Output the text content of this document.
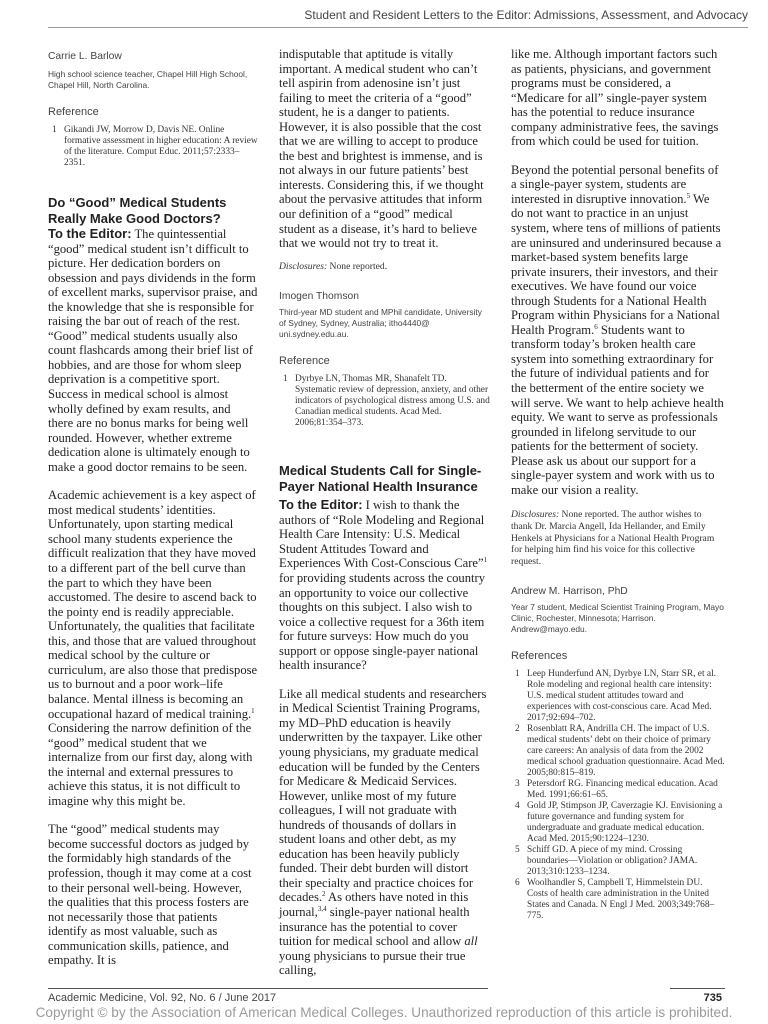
Student and Resident Letters to the Editor: Admissions, Assessment, and Advocacy
Carrie L. Barlow
High school science teacher, Chapel Hill High School, Chapel Hill, North Carolina.
Reference
1 Gikandi JW, Morrow D, Davis NE. Online formative assessment in higher education: A review of the literature. Comput Educ. 2011;57:2333–2351.
Do “Good” Medical Students Really Make Good Doctors?

To the Editor: The quintessential “good” medical student isn’t difficult to picture. Her dedication borders on obsession and pays dividends in the form of excellent marks, supervisor praise, and the knowledge that she is responsible for raising the bar out of reach of the rest. “Good” medical students usually also count flashcards among their brief list of hobbies, and are those for whom sleep deprivation is a competitive sport. Success in medical school is almost wholly defined by exam results, and there are no bonus marks for being well rounded. However, whether extreme dedication alone is ultimately enough to make a good doctor remains to be seen.

Academic achievement is a key aspect of most medical students’ identities. Unfortunately, upon starting medical school many students experience the difficult realization that they have moved to a different part of the bell curve than the part to which they have been accustomed. The desire to ascend back to the pointy end is readily appreciable. Unfortunately, the qualities that facilitate this, and those that are valued throughout medical school by the culture or curriculum, are also those that predispose us to burnout and a poor work–life balance. Mental illness is becoming an occupational hazard of medical training.$^1$ Considering the narrow definition of the “good” medical student that we internalize from our first day, along with the internal and external pressures to achieve this status, it is not difficult to imagine why this might be.

The “good” medical students may become successful doctors as judged by the formidably high standards of the profession, though it may come at a cost to their personal well-being. However, the qualities that this process fosters are not necessarily those that patients identify as most valuable, such as communication skills, patience, and empathy. It is

indisputable that aptitude is vitally important. A medical student who can’t tell aspirin from adenosine isn’t just failing to meet the criteria of a “good” student, he is a danger to patients. However, it is also possible that the cost that we are willing to accept to produce the best and brightest is immense, and is not always in our future patients’ best interests. Considering this, if we thought about the pervasive attitudes that inform our definition of a “good” medical student as a disease, it’s hard to believe that we would not try to treat it.

Disclosures: None reported.

Imogen Thomson
Third-year MD student and MPhil candidate, University of Sydney, Sydney, Australia; itho4440@ uni.sydney.edu.au.
Reference
1 Dyrbye LN, Thomas MR, Shanafelt TD. Systematic review of depression, anxiety, and other indicators of psychological distress among U.S. and Canadian medical students. Acad Med. 2006;81:354–373.
Medical Students Call for Single-Payer National Health Insurance

To the Editor: I wish to thank the authors of “Role Modeling and Regional Health Care Intensity: U.S. Medical Student Attitudes Toward and Experiences With Cost-Conscious Care”$^1$ for providing students across the country an opportunity to voice our collective thoughts on this subject. I also wish to voice a collective request for a 36th item for future surveys: How much do you support or oppose single-payer national health insurance?

Like all medical students and researchers in Medical Scientist Training Programs, my MD–PhD education is heavily underwritten by the taxpayer. Like other young physicians, my graduate medical education will be funded by the Centers for Medicare & Medicaid Services. However, unlike most of my future colleagues, I will not graduate with hundreds of thousands of dollars in student loans and other debt, as my education has been heavily publicly funded. Their debt burden will distort their specialty and practice choices for decades.$^2$ As others have noted in this journal,$^{3,4}$ single-payer national health insurance has the potential to cover tuition for medical school and allow all young physicians to pursue their true calling,

like me. Although important factors such as patients, physicians, and government programs must be considered, a “Medicare for all” single-payer system has the potential to reduce insurance company administrative fees, the savings from which could be used for tuition.

Beyond the potential personal benefits of a single-payer system, students are interested in disruptive innovation.$^5$ We do not want to practice in an unjust system, where tens of millions of patients are uninsured and underinsured because a market-based system benefits large private insurers, their investors, and their executives. We have found our voice through Students for a National Health Program within Physicians for a National Health Program.$^6$ Students want to transform today’s broken health care system into something extraordinary for the future of individual patients and for the betterment of the entire society we will serve. We want to help achieve health equity. We want to serve as professionals grounded in lifelong servitude to our patients for the betterment of society. Please ask us about our support for a single-payer system and work with us to make our vision a reality.

Disclosures: None reported. The author wishes to thank Dr. Marcia Angell, Ida Hellander, and Emily Henkels at Physicians for a National Health Program for helping him find his voice for this collective request.

Andrew M. Harrison, PhD
Year 7 student, Medical Scientist Training Program, Mayo Clinic, Rochester, Minnesota; Harrison. Andrew@mayo.edu.
References
1 Leep Hunderfund AN, Dyrbye LN, Starr SR, et al. Role modeling and regional health care intensity: U.S. medical student attitudes toward and experiences with cost-conscious care. Acad Med. 2017;92:694–702.
2 Rosenblatt RA, Andrilla CH. The impact of U.S. medical students’ debt on their choice of primary care careers: An analysis of data from the 2002 medical school graduation questionnaire. Acad Med. 2005;80:815–819.
3 Petersdorf RG. Financing medical education. Acad Med. 1991;66:61–65.
4 Gold JP, Stimpson JP, Caverzagie KJ. Envisioning a future governance and funding system for undergraduate and graduate medical education. Acad Med. 2015;90:1224–1230.
5 Schiff GD. A piece of my mind. Crossing boundaries—Violation or obligation? JAMA. 2013;310:1233–1234.
6 Woolhandler S, Campbell T, Himmelstein DU. Costs of health care administration in the United States and Canada. N Engl J Med. 2003;349:768–775.
Academic Medicine, Vol. 92, No. 6 / June 2017	735
Copyright © by the Association of American Medical Colleges. Unauthorized reproduction of this article is prohibited.
